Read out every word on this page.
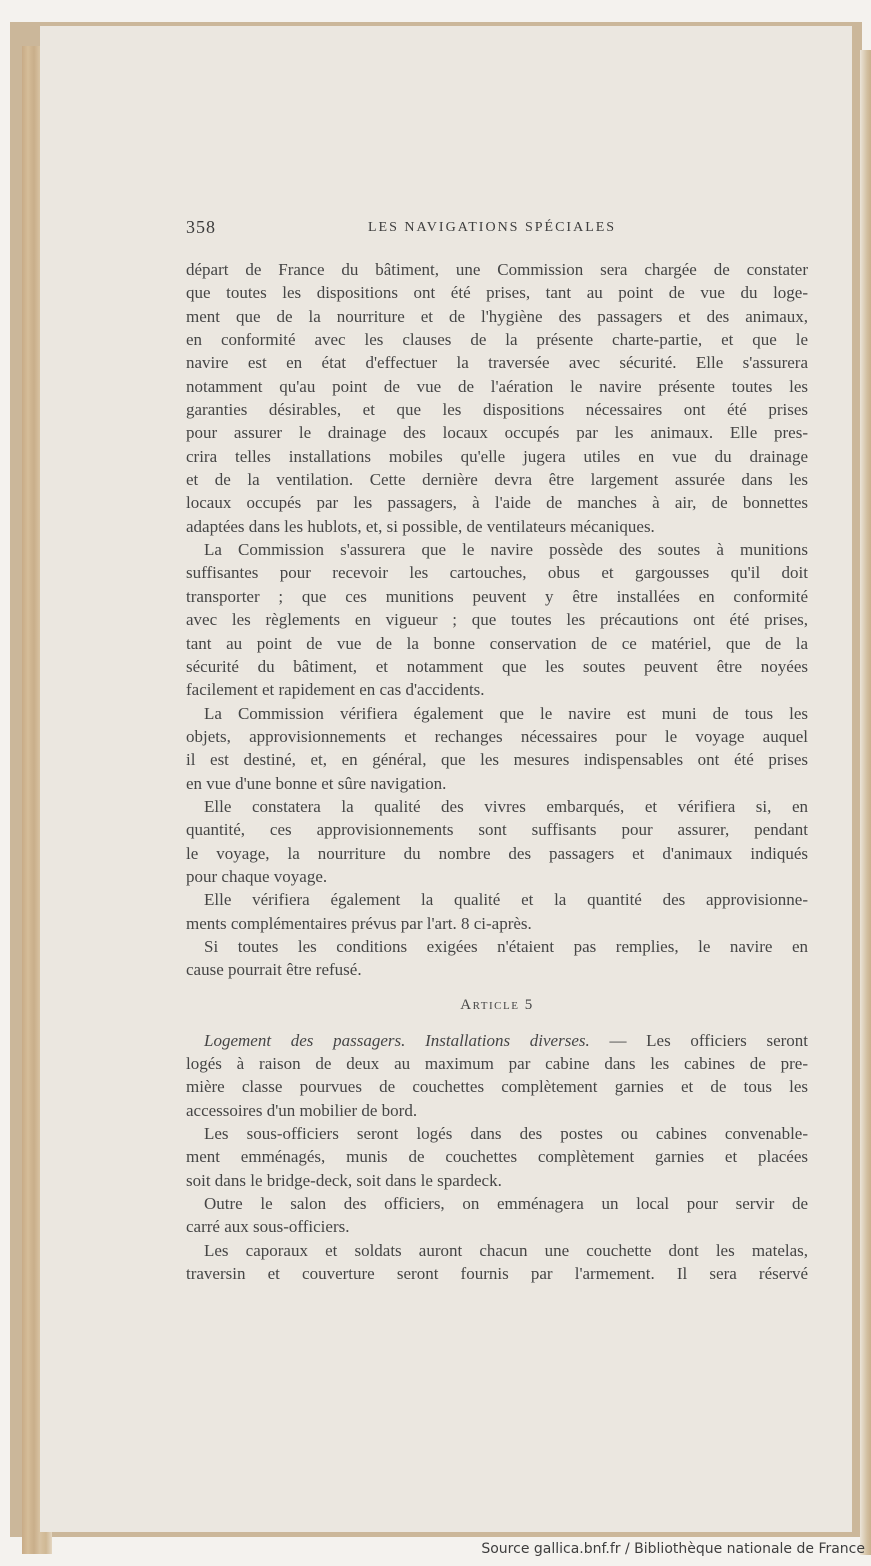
358	LES NAVIGATIONS SPÉCIALES
départ de France du bâtiment, une Commission sera chargée de constater
que toutes les dispositions ont été prises, tant au point de vue du loge-
ment que de la nourriture et de l'hygiène des passagers et des animaux,
en conformité avec les clauses de la présente charte-partie, et que le
navire est en état d'effectuer la traversée avec sécurité. Elle s'assurera
notamment qu'au point de vue de l'aération le navire présente toutes les
garanties désirables, et que les dispositions nécessaires ont été prises
pour assurer le drainage des locaux occupés par les animaux. Elle pres-
crira telles installations mobiles qu'elle jugera utiles en vue du drainage
et de la ventilation. Cette dernière devra être largement assurée dans les
locaux occupés par les passagers, à l'aide de manches à air, de bonnettes
adaptées dans les hublots, et, si possible, de ventilateurs mécaniques.
La Commission s'assurera que le navire possède des soutes à munitions
suffisantes pour recevoir les cartouches, obus et gargousses qu'il doit
transporter ; que ces munitions peuvent y être installées en conformité
avec les règlements en vigueur ; que toutes les précautions ont été prises,
tant au point de vue de la bonne conservation de ce matériel, que de la
sécurité du bâtiment, et notamment que les soutes peuvent être noyées
facilement et rapidement en cas d'accidents.
La Commission vérifiera également que le navire est muni de tous les
objets, approvisionnements et rechanges nécessaires pour le voyage auquel
il est destiné, et, en général, que les mesures indispensables ont été prises
en vue d'une bonne et sûre navigation.
Elle constatera la qualité des vivres embarqués, et vérifiera si, en
quantité, ces approvisionnements sont suffisants pour assurer, pendant
le voyage, la nourriture du nombre des passagers et d'animaux indiqués
pour chaque voyage.
Elle vérifiera également la qualité et la quantité des approvisionne-
ments complémentaires prévus par l'art. 8 ci-après.
Si toutes les conditions exigées n'étaient pas remplies, le navire en
cause pourrait être refusé.
Article 5
Logement des passagers. Installations diverses. — Les officiers seront
logés à raison de deux au maximum par cabine dans les cabines de pre-
mière classe pourvues de couchettes complètement garnies et de tous les
accessoires d'un mobilier de bord.
Les sous-officiers seront logés dans des postes ou cabines convenable-
ment emménagés, munis de couchettes complètement garnies et placées
soit dans le bridge-deck, soit dans le spardeck.
Outre le salon des officiers, on emménagera un local pour servir de
carré aux sous-officiers.
Les caporaux et soldats auront chacun une couchette dont les matelas,
traversin et couverture seront fournis par l'armement. Il sera réservé
Source gallica.bnf.fr / Bibliothèque nationale de France
